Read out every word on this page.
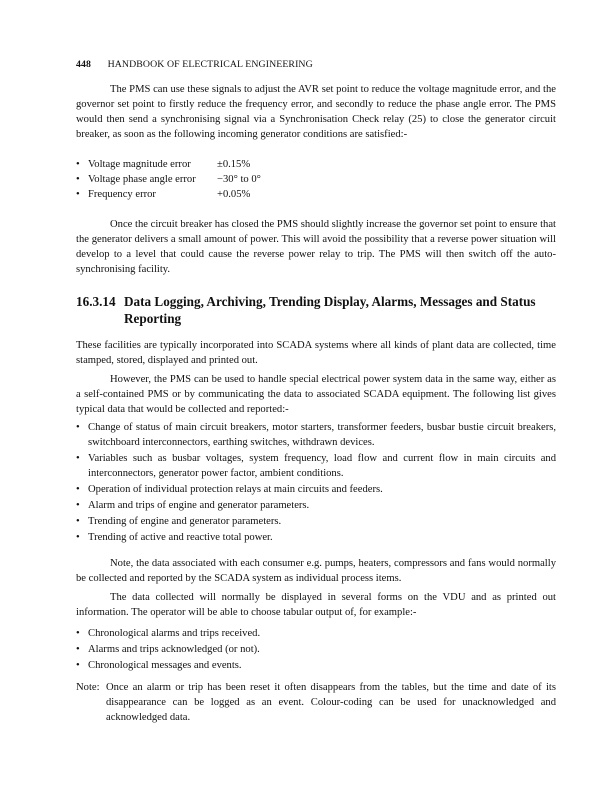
448 HANDBOOK OF ELECTRICAL ENGINEERING
The PMS can use these signals to adjust the AVR set point to reduce the voltage magnitude error, and the governor set point to firstly reduce the frequency error, and secondly to reduce the phase angle error. The PMS would then send a synchronising signal via a Synchronisation Check relay (25) to close the generator circuit breaker, as soon as the following incoming generator conditions are satisfied:-
• Voltage magnitude error ±0.15%
• Voltage phase angle error −30° to 0°
• Frequency error	+0.05%
Once the circuit breaker has closed the PMS should slightly increase the governor set point to ensure that the generator delivers a small amount of power. This will avoid the possibility that a reverse power situation will develop to a level that could cause the reverse power relay to trip. The PMS will then switch off the auto-synchronising facility.
16.3.14 Data Logging, Archiving, Trending Display, Alarms, Messages and Status
Reporting
These facilities are typically incorporated into SCADA systems where all kinds of plant data are collected, time stamped, stored, displayed and printed out.
However, the PMS can be used to handle special electrical power system data in the same way, either as a self-contained PMS or by communicating the data to associated SCADA equipment. The following list gives typical data that would be collected and reported:-
• Change of status of main circuit breakers, motor starters, transformer feeders, busbar bustie circuit breakers, switchboard interconnectors, earthing switches, withdrawn devices.
• Variables such as busbar voltages, system frequency, load flow and current flow in main circuits and interconnectors, generator power factor, ambient conditions.
• Operation of individual protection relays at main circuits and feeders.
• Alarm and trips of engine and generator parameters.
• Trending of engine and generator parameters.
• Trending of active and reactive total power.
Note, the data associated with each consumer e.g. pumps, heaters, compressors and fans would normally be collected and reported by the SCADA system as individual process items.
The data collected will normally be displayed in several forms on the VDU and as printed out information. The operator will be able to choose tabular output of, for example:-
• Chronological alarms and trips received.
• Alarms and trips acknowledged (or not).
• Chronological messages and events.
Note: Once an alarm or trip has been reset it often disappears from the tables, but the time and date of its disappearance can be logged as an event. Colour-coding can be used for unacknowledged and acknowledged data.
